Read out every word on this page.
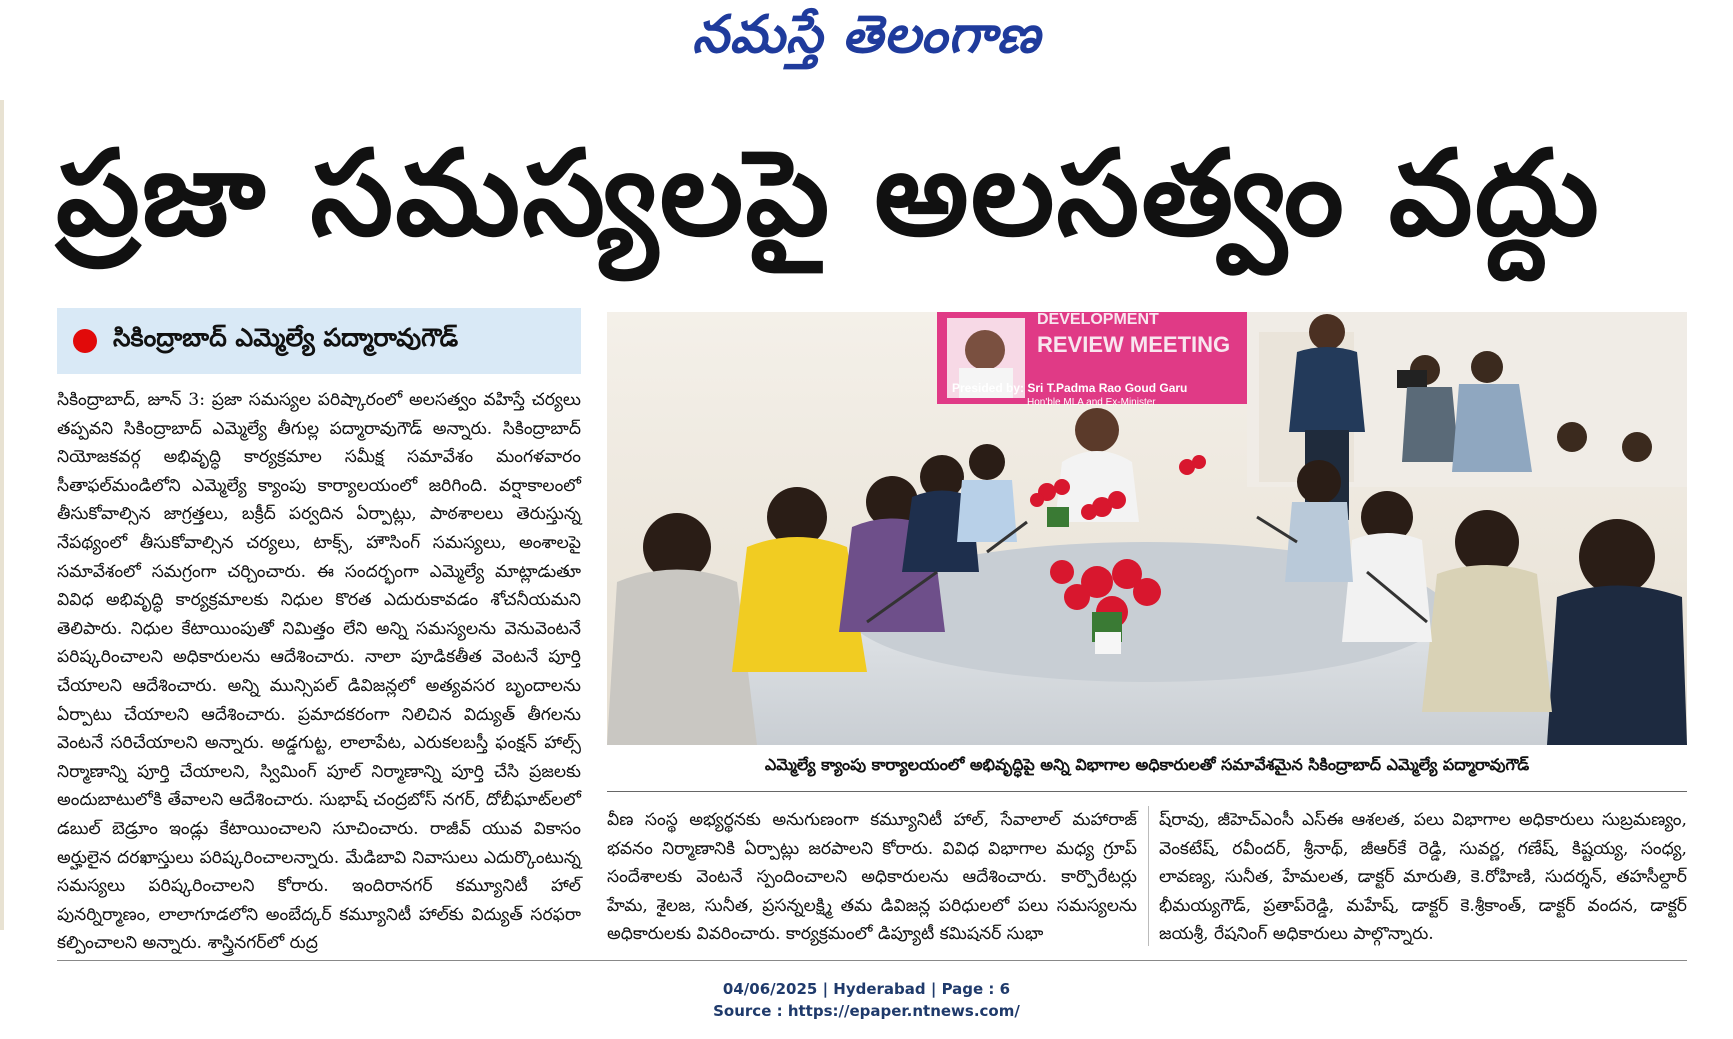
నమస్తే తెలంగాణ
ప్రజా సమస్యలపై అలసత్వం వద్దు
సికింద్రాబాద్ ఎమ్మెల్యే పద్మారావుగౌడ్
సికింద్రాబాద్, జూన్ 3: ప్రజా సమస్యల పరిష్కారంలో అలసత్వం వహిస్తే చర్యలు తప్పవని సికింద్రాబాద్ ఎమ్మెల్యే తీగుల్ల పద్మారావుగౌడ్ అన్నారు. సికింద్రాబాద్ నియోజకవర్గ అభివృద్ధి కార్యక్రమాల సమీక్ష సమావేశం మంగళవారం సీతాఫల్‌మండిలోని ఎమ్మెల్యే క్యాంపు కార్యాలయంలో జరిగింది. వర్షాకాలంలో తీసుకోవాల్సిన జాగ్రత్తలు, బక్రీద్ పర్వదిన ఏర్పాట్లు, పాఠశాలలు తెరుస్తున్న నేపథ్యంలో తీసుకోవాల్సిన చర్యలు, టాక్స్, హౌసింగ్ సమస్యలు, అంశాలపై సమావేశంలో సమగ్రంగా చర్చించారు. ఈ సందర్భంగా ఎమ్మెల్యే మాట్లాడుతూ వివిధ అభివృద్ధి కార్యక్రమాలకు నిధుల కొరత ఎదురుకావడం శోచనీయమని తెలిపారు. నిధుల కేటాయింపుతో నిమిత్తం లేని అన్ని సమస్యలను వెనువెంటనే పరిష్కరించాలని అధికారులను ఆదేశించారు. నాలా పూడికతీత వెంటనే పూర్తి చేయాలని ఆదేశించారు. అన్ని మున్సిపల్ డివిజన్లలో అత్యవసర బృందాలను ఏర్పాటు చేయాలని ఆదేశించారు. ప్రమాదకరంగా నిలిచిన విద్యుత్ తీగలను వెంటనే సరిచేయాలని అన్నారు. అడ్డగుట్ట, లాలాపేట, ఎరుకలబస్తీ ఫంక్షన్ హాల్స్ నిర్మాణాన్ని పూర్తి చేయాలని, స్విమింగ్ పూల్ నిర్మాణాన్ని పూర్తి చేసి ప్రజలకు అందుబాటులోకి తేవాలని ఆదేశించారు. సుభాష్ చంద్రబోస్ నగర్, దోబీఘాట్‌లలో డబుల్ బెడ్రూం ఇండ్లు కేటాయించాలని సూచించారు. రాజీవ్ యువ వికాసం అర్హులైన దరఖాస్తులు పరిష్కరించాలన్నారు. మేడిబావి నివాసులు ఎదుర్కొంటున్న సమస్యలు పరిష్కరించాలని కోరారు. ఇందిరానగర్ కమ్యూనిటీ హాల్ పునర్నిర్మాణం, లాలాగూడలోని అంబేద్కర్ కమ్యూనిటీ హాల్‌కు విద్యుత్ సరఫరా కల్పించాలని అన్నారు. శాస్త్రినగర్‌లో రుద్ర
DEVELOPMENT
REVIEW MEETING
Presided by: Sri T.Padma Rao Goud Garu
Hon'ble MLA and Ex-Minister
ఎమ్మెల్యే క్యాంపు కార్యాలయంలో అభివృద్ధిపై అన్ని విభాగాల అధికారులతో సమావేశమైన సికింద్రాబాద్ ఎమ్మెల్యే పద్మారావుగౌడ్
వీణ సంస్థ అభ్యర్థనకు అనుగుణంగా కమ్యూనిటీ హాల్, సేవాలాల్ మహారాజ్ భవనం నిర్మాణానికి ఏర్పాట్లు జరపాలని కోరారు. వివిధ విభాగాల మధ్య గ్రూప్ సందేశాలకు వెంటనే స్పందించాలని అధికారులను ఆదేశించారు. కార్పొరేటర్లు హేమ, శైలజ, సునీత, ప్రసన్నలక్ష్మి తమ డివిజన్ల పరిధులలో పలు సమస్యలను అధికారులకు వివరించారు. కార్యక్రమంలో డిప్యూటీ కమిషనర్ సుభా
ష్‌రావు, జీహెచ్‌ఎంసీ ఎస్‌ఈ ఆశలత, పలు విభాగాల అధికారులు సుబ్రమణ్యం, వెంకటేష్, రవీందర్, శ్రీనాథ్, జీఆర్‌కే రెడ్డి, సువర్ణ, గణేష్, కిష్టయ్య, సంధ్య, లావణ్య, సునీత, హేమలత, డాక్టర్ మారుతి, కె.రోహిణి, సుదర్శన్, తహసీల్దార్ భీమయ్యగౌడ్, ప్రతాప్‌రెడ్డి, మహేష్, డాక్టర్ కె.శ్రీకాంత్, డాక్టర్ వందన, డాక్టర్ జయశ్రీ, రేషనింగ్ అధికారులు పాల్గొన్నారు.
04/06/2025 | Hyderabad | Page : 6
Source : https://epaper.ntnews.com/
